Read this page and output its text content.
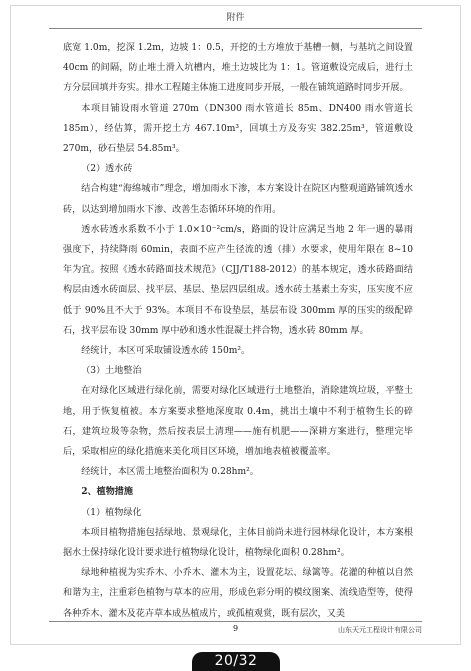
附件

底宽 1.0m，挖深 1.2m，边坡 1：0.5，开挖的土方堆放于基槽一侧，与基坑之间设置 40cm 的间隔，防止堆土滑入坑槽内，堆土边坡比为 1：1。管道敷设完成后，进行土方分层回填并夯实。排水工程随主体施工进度同步开展，一般在铺筑道路时同步开展。

本项目铺设雨水管道 270m（DN300 雨水管道长 85m、DN400 雨水管道长 185m），经估算，需开挖土方 467.10m³，回填土方及夯实 382.25m³，管道敷设 270m，砂石垫层 54.85m³。

（2）透水砖

结合构建“海绵城市”理念，增加雨水下渗，本方案设计在院区内整观道路铺筑透水砖，以达到增加雨水下渗、改善生态循环环境的作用。

透水砖透水系数不小于 1.0×10⁻²cm/s，路面的设计应满足当地 2 年一遇的暴雨强度下，持续降雨 60min，表面不应产生径流的透（排）水要求，使用年限在 8~10 年为宜。按照《透水砖路面技术规范》（CJJ/T188-2012）的基本规定，透水砖路面结构层由透水砖面层、找平层、基层、垫层四层组成。透水砖土基素土夯实，压实度不应低于 90%且不大于 93%。本项目不布设垫层，基层布设 300mm 厚的压实的级配碎石，找平层布设 30mm 厚中砂和透水性混凝土拌合物，透水砖 80mm 厚。

经统计，本区可采取铺设透水砖 150m²。

（3）土地整治

在对绿化区域进行绿化前，需要对绿化区域进行土地整治，消除建筑垃圾，平整土地，用于恢复植被。本方案要求整地深度取 0.4m，挑出土壤中不利于植物生长的碎石，建筑垃圾等杂物，然后按表层土清理——施有机肥——深耕方案进行，整理完毕后，采取相应的绿化措施来美化项目区环境，增加地表植被覆盖率。

经统计，本区需土地整治面积为 0.28hm²。

2、植物措施

（1）植物绿化

本项目植物措施包括绿地、景观绿化，主体目前尚未进行园林绿化设计，本方案根据水土保持绿化设计要求进行植物绿化设计，植物绿化面积 0.28hm²。

绿地种植视为实乔木、小乔木、灌木为主，设置花坛、绿篱等。花灌的种植以自然和谐为主，注重彩色植物与草本的应用，形成色彩分明的模纹图案、流线造型等，使得各种乔木、灌木及花卉草本成丛植成片，或孤植观赏，既有层次，又美

9	山东天元工程设计有限公司
20/32
